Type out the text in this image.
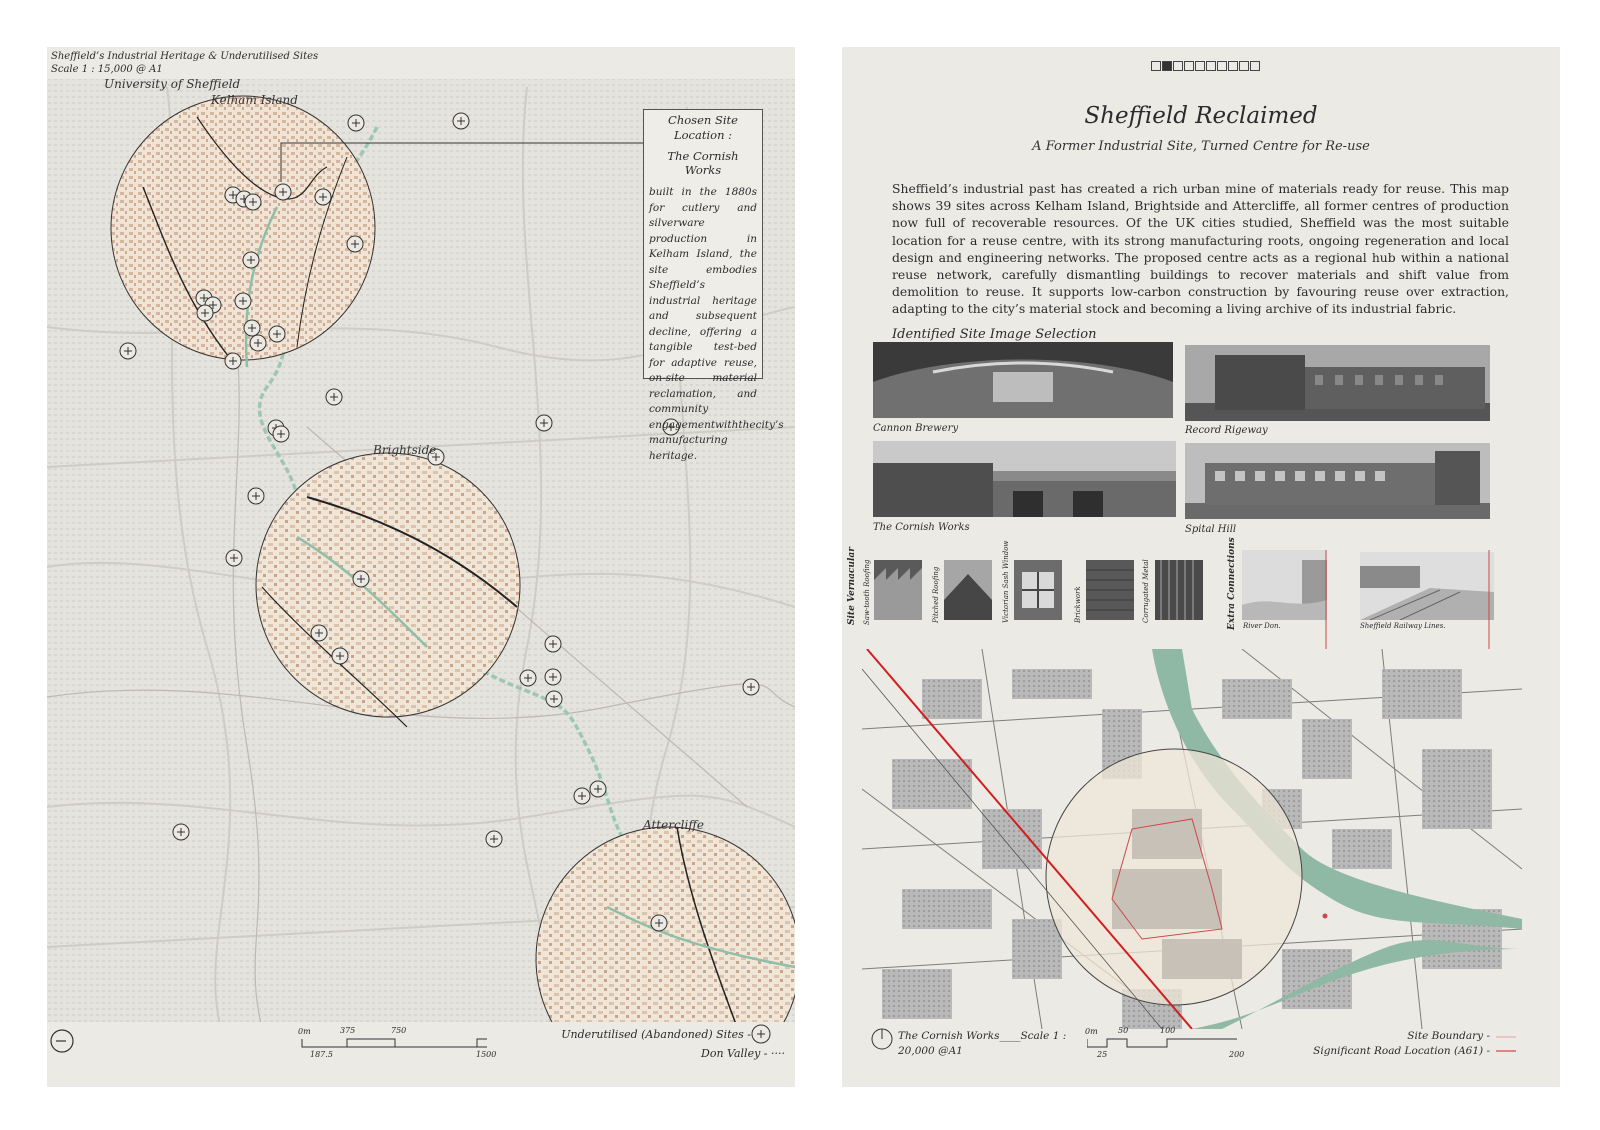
Sheffield’s Industrial Heritage & Underutilised Sites
Scale 1 : 15,000 @ A1
University of Sheffield
Kelham Island
Brightside
Attercliffe
Chosen Site Location :
The Cornish Works
built in the 1880s for cutlery and silverware production in Kelham Island, the site embodies Sheffield’s industrial heritage and subsequent decline, offering a tangible test-bed for adaptive reuse, on-site material reclamation, and community engagementwiththecity’s manufacturing heritage.
0m	375	750
187.5	1500
Underutilised (Abandoned) Sites -
Don Valley - ····
Sheffield Reclaimed
A Former Industrial Site, Turned Centre for Re-use
Sheffield’s industrial past has created a rich urban mine of materials ready for reuse. This map shows 39 sites across Kelham Island, Brightside and Attercliffe, all former centres of production now full of recoverable resources. Of the UK cities studied, Sheffield was the most suitable location for a reuse centre, with its strong manufacturing roots, ongoing regeneration and local design and engineering networks. The proposed centre acts as a regional hub within a national reuse network, carefully dismantling buildings to recover materials and shift value from demolition to reuse. It supports low-carbon construction by favouring reuse over extraction, adapting to the city’s material stock and becoming a living archive of its industrial fabric.
Identified Site Image Selection
Cannon Brewery	Record Rigeway
The Cornish Works	Spital Hill
Site Vernacular Saw-tooth Roofing	Pitched Roofing	Victorian Sash Window	Brickwork	Corrugated Metal	Extra Connections River Don.	Sheffield Railway Lines.
The Cornish Works____Scale 1 :
20,000 @A1
0m	50	100
25	200
Site Boundary -
Significant Road Location (A61) -
